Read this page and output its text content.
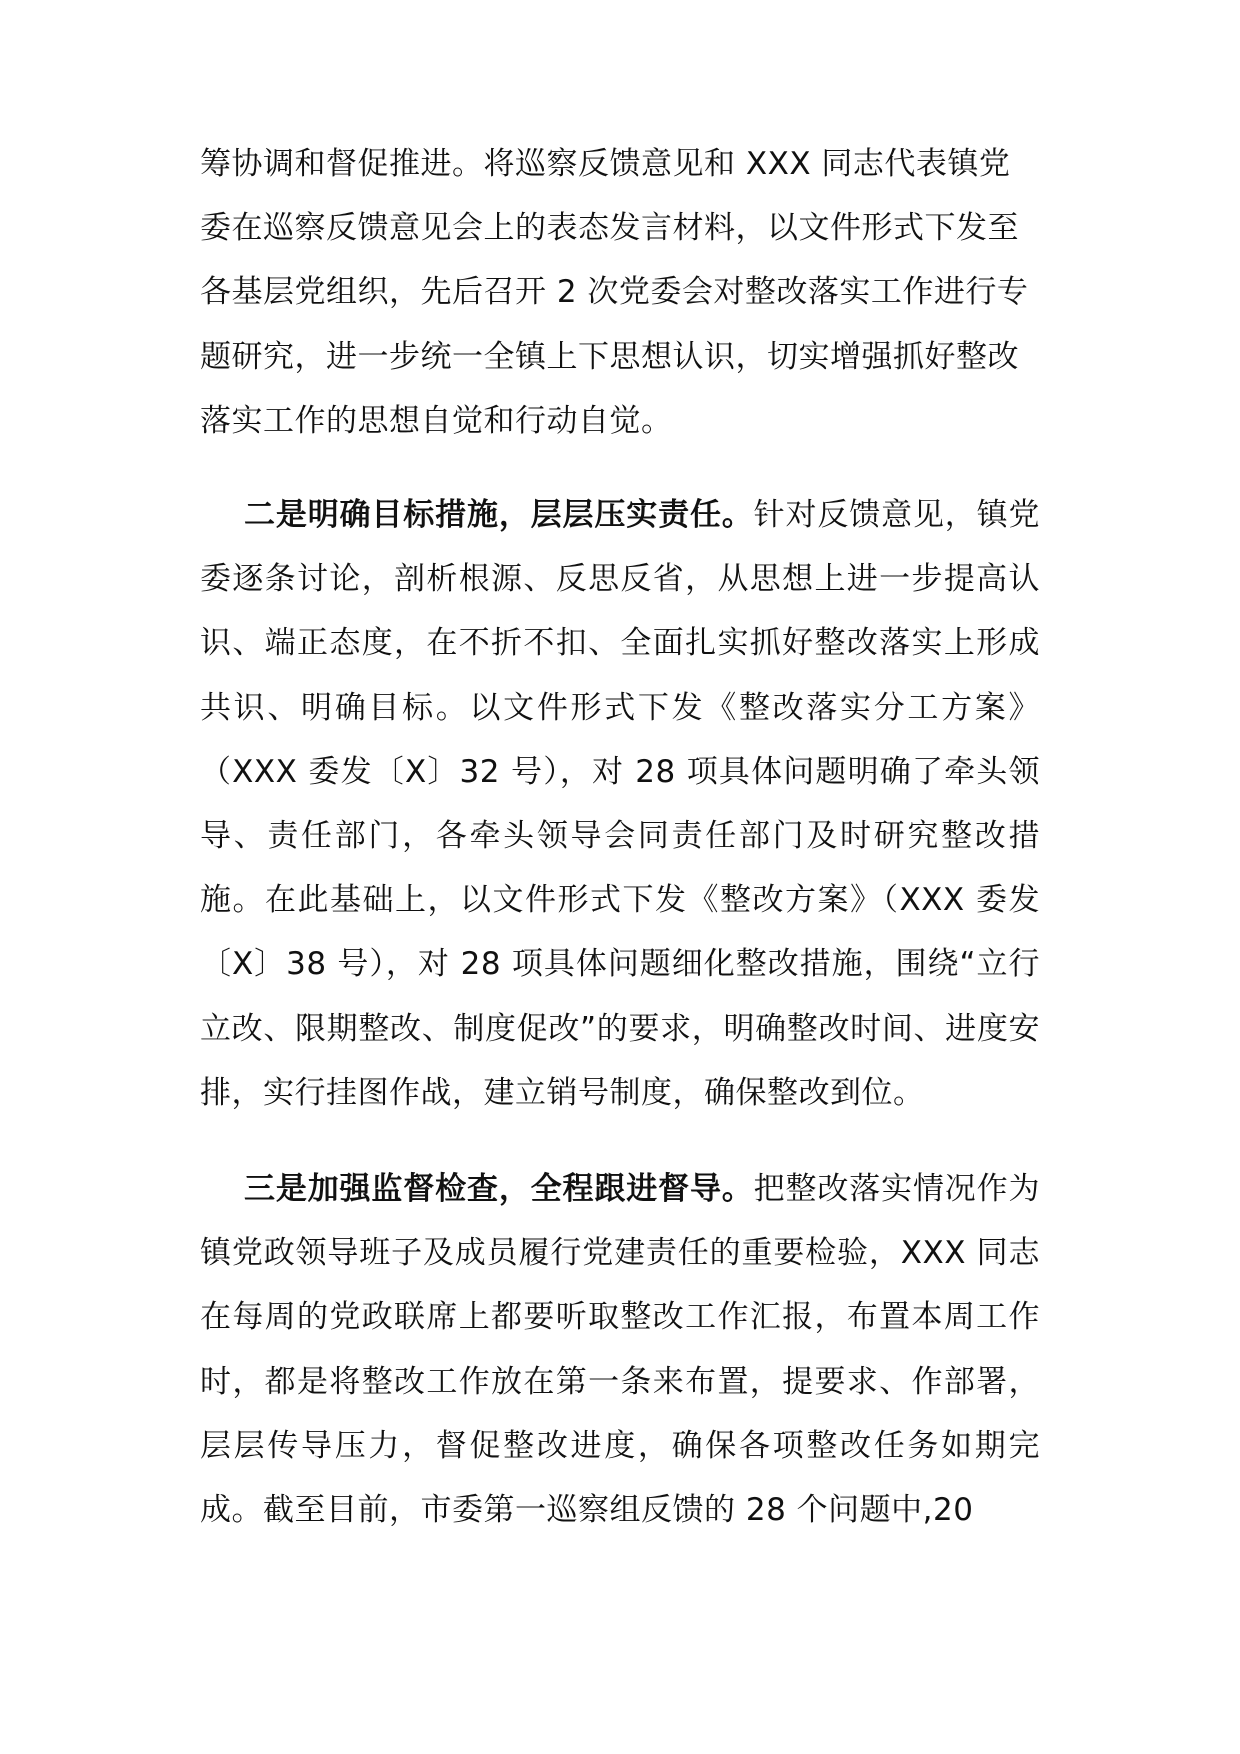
筹协调和督促推进。将巡察反馈意见和 XXX 同志代表镇党
委在巡察反馈意见会上的表态发言材料，以文件形式下发至
各基层党组织，先后召开 2 次党委会对整改落实工作进行专
题研究，进一步统一全镇上下思想认识，切实增强抓好整改
落实工作的思想自觉和行动自觉。

二是明确目标措施，层层压实责任。针对反馈意见，镇党委逐条讨论，剖析根源、反思反省，从思想上进一步提高认识、端正态度，在不折不扣、全面扎实抓好整改落实上形成共识、明确目标。以文件形式下发《整改落实分工方案》（XXX 委发〔X〕32 号），对 28 项具体问题明确了牵头领导、责任部门，各牵头领导会同责任部门及时研究整改措施。在此基础上，以文件形式下发《整改方案》（XXX 委发〔X〕38 号），对 28 项具体问题细化整改措施，围绕“立行立改、限期整改、制度促改”的要求，明确整改时间、进度安排，实行挂图作战，建立销号制度，确保整改到位。

三是加强监督检查，全程跟进督导。把整改落实情况作为镇党政领导班子及成员履行党建责任的重要检验，XXX 同志在每周的党政联席上都要听取整改工作汇报，布置本周工作时，都是将整改工作放在第一条来布置，提要求、作部署，层层传导压力，督促整改进度，确保各项整改任务如期完成。截至目前，市委第一巡察组反馈的 28 个问题中,20
